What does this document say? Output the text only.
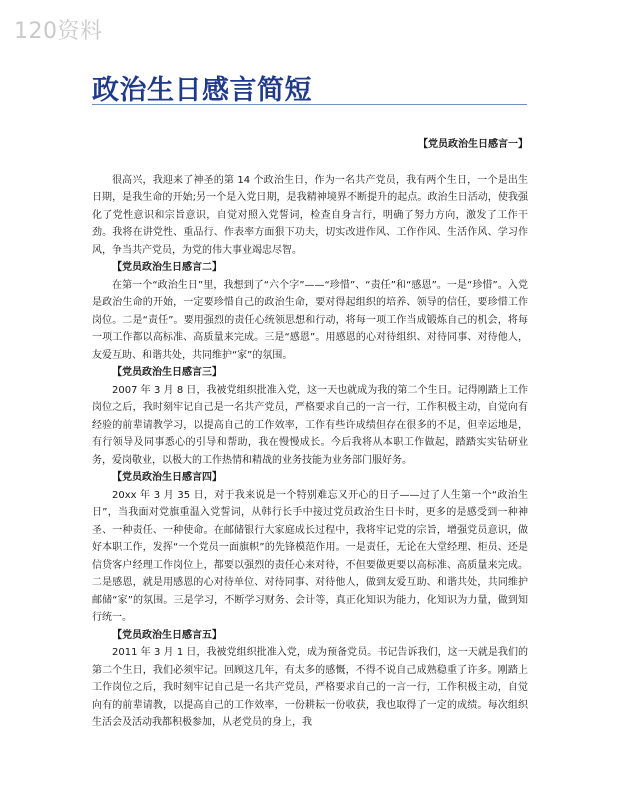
120资料
政治生日感言简短

【党员政治生日感言一】

很高兴，我迎来了神圣的第 14 个政治生日，作为一名共产党员，我有两个生日，一个是出生日期，是我生命的开始;另一个是入党日期，是我精神境界不断提升的起点。政治生日活动，使我强化了党性意识和宗旨意识，自觉对照入党誓词，检查自身言行，明确了努力方向，激发了工作干劲。我将在讲党性、重品行、作表率方面狠下功夫，切实改进作风、工作作风、生活作风、学习作风，争当共产党员，为党的伟大事业竭忠尽智。

【党员政治生日感言二】

在第一个“政治生日”里，我想到了“六个字”——“珍惜”、“责任”和“感恩”。一是“珍惜”。入党是政治生命的开始，一定要珍惜自己的政治生命，要对得起组织的培养、领导的信任，要珍惜工作岗位。二是“责任”。要用强烈的责任心统领思想和行动，将每一项工作当成锻炼自己的机会，将每一项工作都以高标准、高质量来完成。三是“感恩”。用感恩的心对待组织、对待同事、对待他人，友爱互助、和谐共处，共同维护“家”的氛围。

【党员政治生日感言三】

2007 年 3 月 8 日，我被党组织批准入党，这一天也就成为我的第二个生日。记得刚踏上工作岗位之后，我时刻牢记自己是一名共产党员，严格要求自己的一言一行，工作积极主动，自觉向有经验的前辈请教学习，以提高自己的工作效率，工作有些许成绩但存在很多的不足，但幸运地是，有行领导及同事悉心的引导和帮助，我在慢慢成长。今后我将从本职工作做起，踏踏实实钻研业务，爱岗敬业，以极大的工作热情和精战的业务技能为业务部门服好务。

【党员政治生日感言四】

20xx 年 3 月 35 日，对于我来说是一个特别难忘又开心的日子——过了人生第一个“政治生日”，当我面对党旗重温入党誓词，从韩行长手中接过党员政治生日卡时，更多的是感受到一种神圣、一种责任、一种使命。在邮储银行大家庭成长过程中，我将牢记党的宗旨，增强党员意识，做好本职工作，发挥“一个党员一面旗帜”的先锋模范作用。一是责任，无论在大堂经理、柜员、还是信贷客户经理工作岗位上，都要以强烈的责任心来对待，不但要做更要以高标准、高质量来完成。二是感恩，就是用感恩的心对待单位、对待同事、对待他人，做到友爱互助、和谐共处，共同维护邮储“家”的氛围。三是学习，不断学习财务、会计等，真正化知识为能力，化知识为力量，做到知行统一。

【党员政治生日感言五】

2011 年 3 月 1 日，我被党组织批准入党，成为预备党员。书记告诉我们，这一天就是我们的第二个生日，我们必须牢记。回顾这几年，有太多的感慨，不得不说自己成熟稳重了许多。刚踏上工作岗位之后，我时刻牢记自己是一名共产党员，严格要求自己的一言一行，工作积极主动，自觉向有的前辈请教，以提高自己的工作效率，一份耕耘一份收获，我也取得了一定的成绩。每次组织生活会及活动我都积极参加，从老党员的身上，我
